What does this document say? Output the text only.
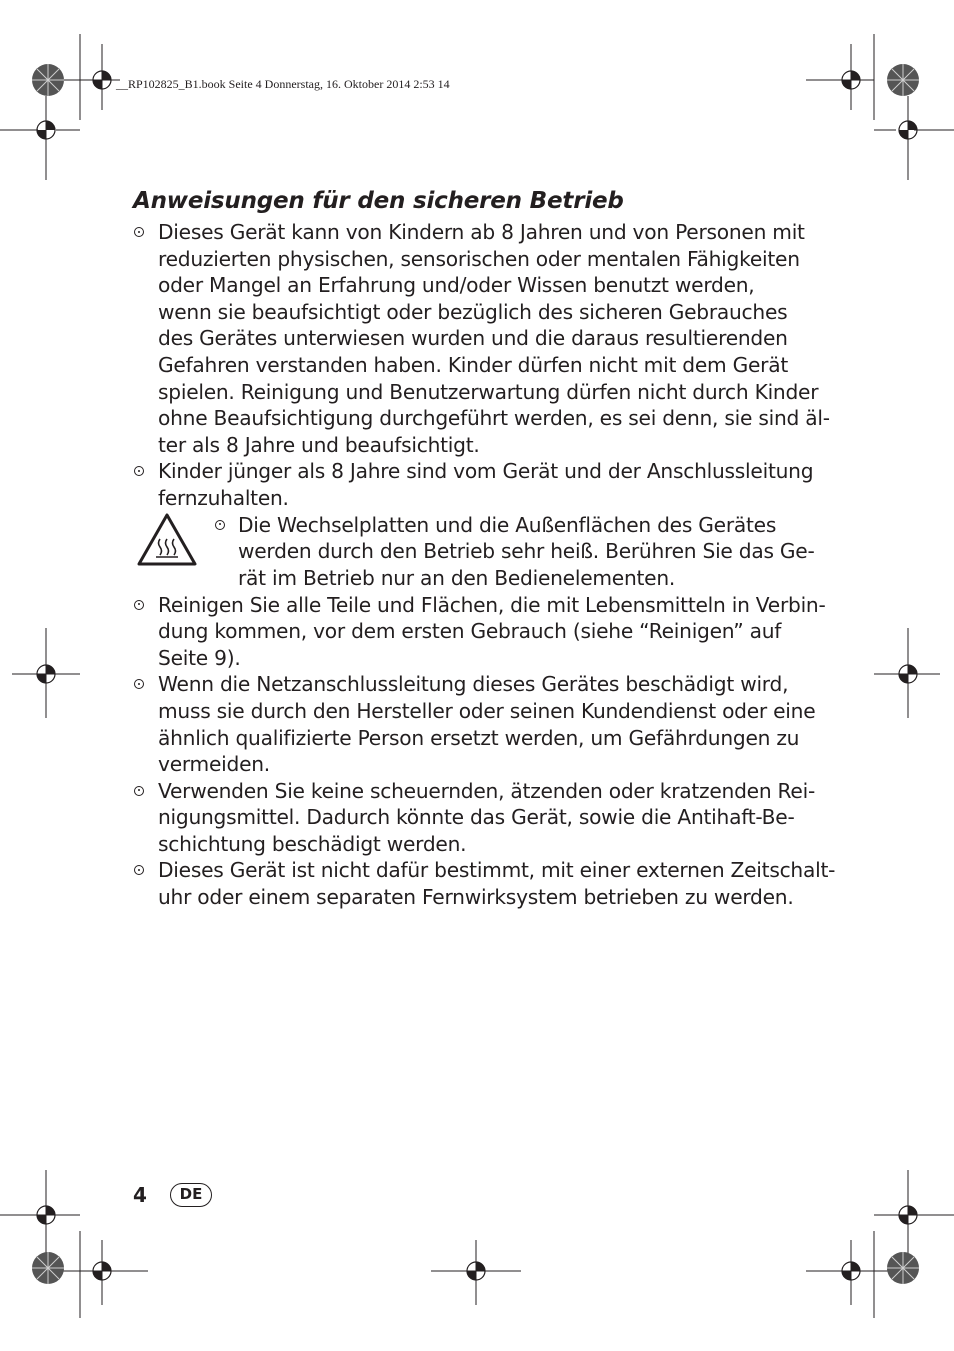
__RP102825_B1.book Seite 4 Donnerstag, 16. Oktober 2014 2:53 14
Anweisungen für den sicheren Betrieb
Dieses Gerät kann von Kindern ab 8 Jahren und von Personen mit
reduzierten physischen, sensorischen oder mentalen Fähigkeiten
oder Mangel an Erfahrung und/oder Wissen benutzt werden,
wenn sie beaufsichtigt oder bezüglich des sicheren Gebrauches
des Gerätes unterwiesen wurden und die daraus resultierenden
Gefahren verstanden haben. Kinder dürfen nicht mit dem Gerät
spielen. Reinigung und Benutzerwartung dürfen nicht durch Kinder
ohne Beaufsichtigung durchgeführt werden, es sei denn, sie sind äl-
ter als 8 Jahre und beaufsichtigt.
Kinder jünger als 8 Jahre sind vom Gerät und der Anschlussleitung
fernzuhalten.
Die Wechselplatten und die Außenflächen des Gerätes
werden durch den Betrieb sehr heiß. Berühren Sie das Ge-
rät im Betrieb nur an den Bedienelementen.
Reinigen Sie alle Teile und Flächen, die mit Lebensmitteln in Verbin-
dung kommen, vor dem ersten Gebrauch (siehe “Reinigen” auf
Seite 9).
Wenn die Netzanschlussleitung dieses Gerätes beschädigt wird,
muss sie durch den Hersteller oder seinen Kundendienst oder eine
ähnlich qualifizierte Person ersetzt werden, um Gefährdungen zu
vermeiden.
Verwenden Sie keine scheuernden, ätzenden oder kratzenden Rei-
nigungsmittel. Dadurch könnte das Gerät, sowie die Antihaft-Be-
schichtung beschädigt werden.
Dieses Gerät ist nicht dafür bestimmt, mit einer externen Zeitschalt-
uhr oder einem separaten Fernwirksystem betrieben zu werden.
4	DE
